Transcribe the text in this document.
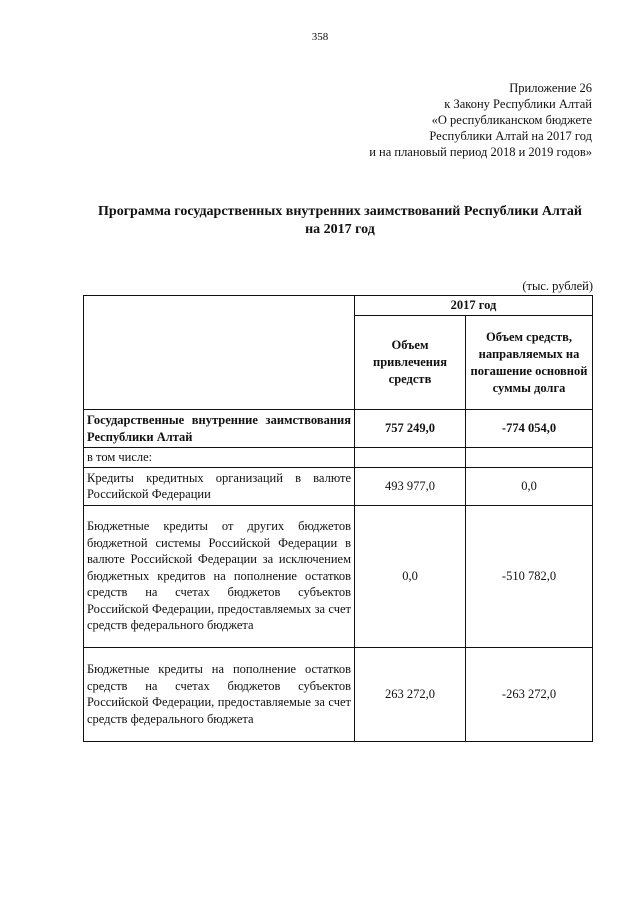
358
Приложение 26
к Закону Республики Алтай
«О республиканском бюджете
Республики Алтай на 2017 год
и на плановый период 2018 и 2019 годов»
Программа государственных внутренних заимствований Республики Алтай
на 2017 год
(тыс. рублей)
	2017 год	
	Объем привлечения средств	Объем средств, направляемых на погашение основной суммы долга
Государственные внутренние заимствования Республики Алтай	757 249,0	-774 054,0
в том числе:		
Кредиты кредитных организаций в валюте Российской Федерации	493 977,0	0,0
Бюджетные кредиты от других бюджетов бюджетной системы Российской Федерации в валюте Российской Федерации за исключением бюджетных кредитов на пополнение остатков средств на счетах бюджетов субъектов Российской Федерации, предоставляемых за счет средств федерального бюджета	0,0	-510 782,0
Бюджетные кредиты на пополнение остатков средств на счетах бюджетов субъектов Российской Федерации, предоставляемые за счет средств федерального бюджета	263 272,0	-263 272,0
